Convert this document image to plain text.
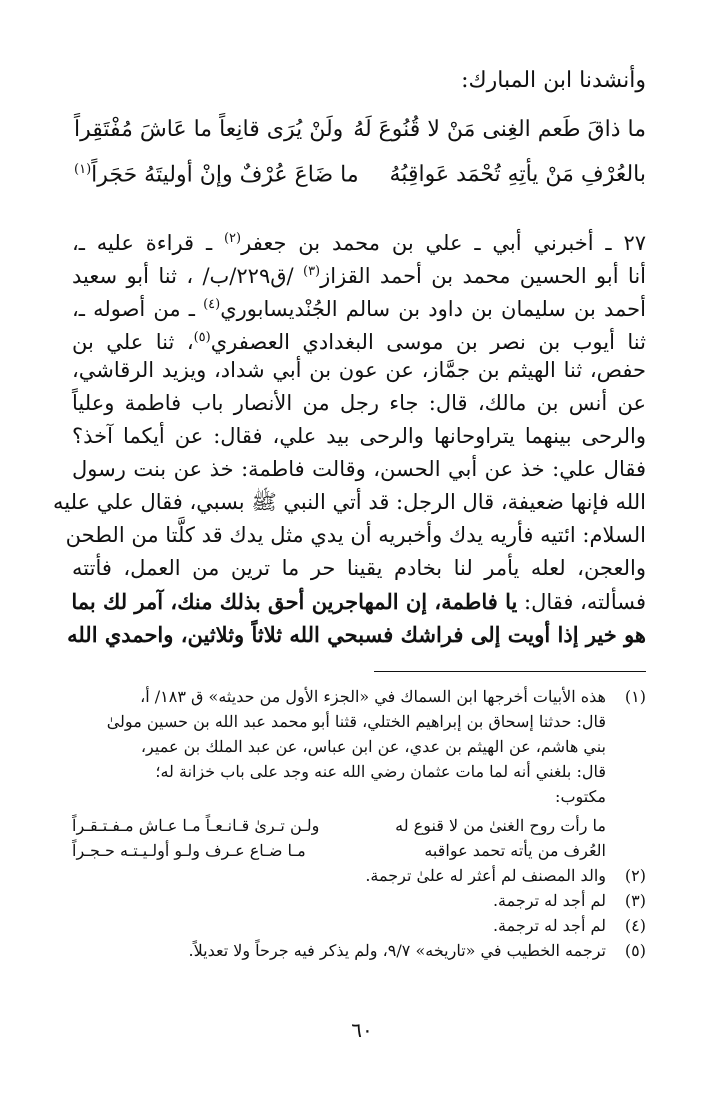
وأنشدنا ابن المبارك:
ما ذاقَ طَعم الغِنى مَنْ لا قُنُوعَ لَهُ
ولَنْ يُرَى قانِعاً ما عَاشَ مُفْتَقِراً
بالعُرْفِ مَنْ يأتِهِ تُحْمَد عَواقِبُهُ
ما ضَاعَ عُرْفٌ وإنْ أوليتَهُ حَجَراً$^{(١)}$
٢٧ ـ أخبرني أبي ـ علي بن محمد بن جعفر$^{(٢)}$ ـ قراءة عليه ـ،
أنا أبو الحسين محمد بن أحمد القزاز$^{(٣)}$ /ق٢٢٩/ب/ ، ثنا أبو سعيد
أحمد بن سليمان بن داود بن سالم الجُنْديسابوري$^{(٤)}$ ـ من أصوله ـ،
ثنا أيوب بن نصر بن موسى البغدادي العصفري$^{(٥)}$، ثنا علي بن
حفص، ثنا الهيثم بن جمَّاز، عن عون بن أبي شداد، ويزيد الرقاشي،
عن أنس بن مالك، قال: جاء رجل من الأنصار باب فاطمة وعلياً
والرحى بينهما يتراوحانها والرحى بيد علي، فقال: عن أيكما آخذ؟
فقال علي: خذ عن أبي الحسن، وقالت فاطمة: خذ عن بنت رسول
الله فإنها ضعيفة، قال الرجل: قد أتي النبي ﷺ بسبي، فقال علي عليه
السلام: ائتيه فأريه يدك وأخبريه أن يدي مثل يدك قد كلَّتا من الطحن
والعجن، لعله يأمر لنا بخادم يقينا حر ما ترين من العمل، فأتته
فسألته، فقال: يا فاطمة، إن المهاجرين أحق بذلك منك، آمر لك بما
هو خير إذا أويت إلى فراشك فسبحي الله ثلاثاً وثلاثين، واحمدي الله
(١)
هذه الأبيات أخرجها ابن السماك في «الجزء الأول من حديثه» ق ١٨٣/ أ،
قال: حدثنا إسحاق بن إبراهيم الختلي، قثنا أبو محمد عبد الله بن حسين مولىٰ
بني هاشم، عن الهيثم بن عدي، عن ابن عباس، عن عبد الملك بن عمير،
قال: بلغني أنه لما مات عثمان رضي الله عنه وجد على باب خزانة له؛
مكتوب:
ما رأت روح الغنىٰ من لا قنوع له
ولـن تـرىٰ قـانـعـاً مـا عـاش مـفـتـقـراً
العُرف من يأته تحمد عواقبه
مـا ضـاع عـرف ولـو أولـيـتـه حـجـراً
(٢)
والد المصنف لم أعثر له علىٰ ترجمة.
(٣)
لم أجد له ترجمة.
(٤)
لم أجد له ترجمة.
(٥)
ترجمه الخطيب في «تاريخه» ٩/٧، ولم يذكر فيه جرحاً ولا تعديلاً.
٦٠
